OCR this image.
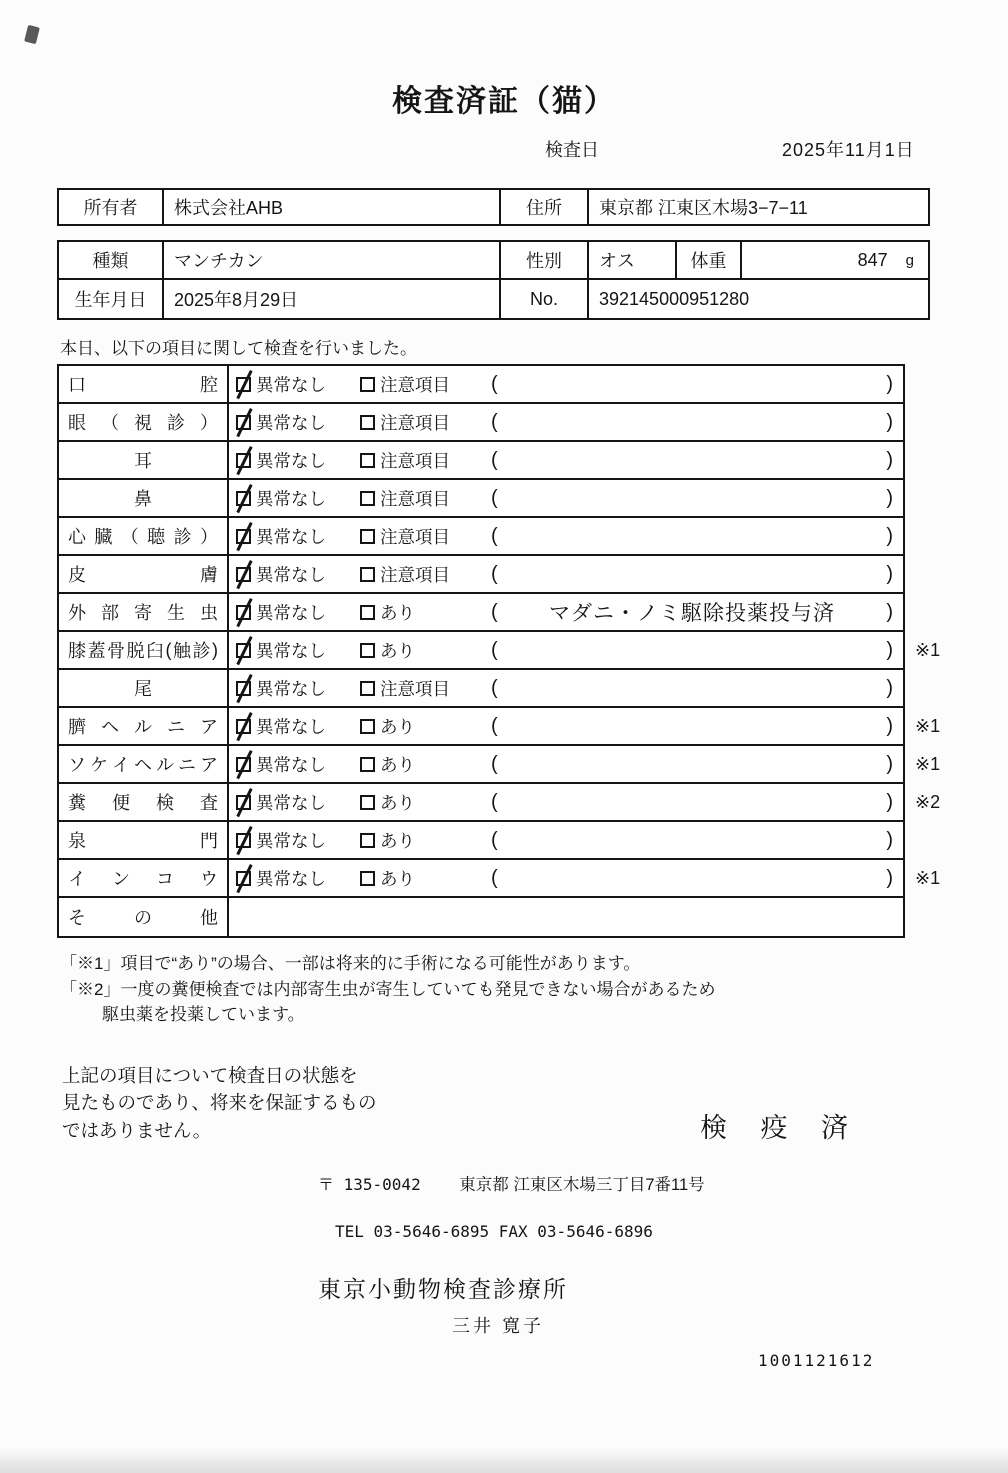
検査済証（猫）
検査日	2025年11月1日
所有者	株式会社AHB	住所	東京都 江東区木場3−7−11
種類	マンチカン	性別	オス	体重	847 g
生年月日	2025年8月29日	No.	392145000951280
本日、以下の項目に関して検査を行いました。
口	腔 異常なし	注意項目 (	)
眼 （ 視 診 ） 異常なし	注意項目 (	)
耳	異常なし	注意項目 (	)
鼻	異常なし	注意項目 (	)
心 臓 （ 聴 診 ） 異常なし	注意項目 (	)
皮	膚 異常なし	注意項目 (	)
外 部 寄 生 虫 異常なし	あり	(	マダニ・ノミ駆除投薬投与済	)
膝 蓋 骨 脱 臼 ( 触 診 ) 異常なし	あり	(	) ※1
尾	異常なし	注意項目 (	)
臍 ヘ ル ニ ア 異常なし	あり	(	) ※1
ソ ケ イ ヘ ル ニ ア 異常なし	あり	(	) ※1
糞 便 検 査 異常なし	あり	(	) ※2
泉	門 異常なし	あり	(	)
イ ン コ ウ 異常なし	あり	(	) ※1
そ	の	他
「※1」項目で“あり”の場合、一部は将来的に手術になる可能性があります。
「※2」一度の糞便検査では内部寄生虫が寄生していても発見できない場合があるため
駆虫薬を投薬しています。
上記の項目について検査日の状態を
見たものであり、将来を保証するもの
ではありません。	検 疫 済
〒 135-0042 東京都 江東区木場三丁目7番11号
TEL 03-5646-6895 FAX 03-5646-6896
東京小動物検査診療所
三井 寛子
1001121612
